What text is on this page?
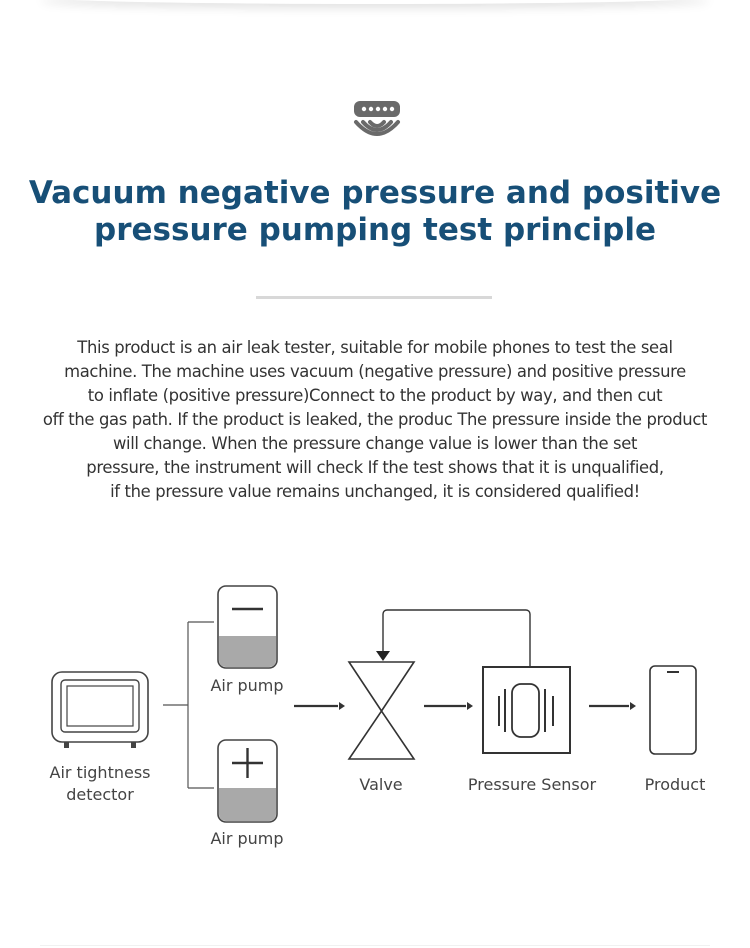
Vacuum negative pressure and positive
pressure pumping test principle
This product is an air leak tester, suitable for mobile phones to test the seal
machine. The machine uses vacuum (negative pressure) and positive pressure
to inflate (positive pressure)Connect to the product by way, and then cut
off the gas path. If the product is leaked, the produc The pressure inside the product
will change. When the pressure change value is lower than the set
pressure, the instrument will check If the test shows that it is unqualified,
if the pressure value remains unchanged, it is considered qualified!
Air tightness
detector
Air pump
Air pump
Valve	Pressure Sensor	Product
